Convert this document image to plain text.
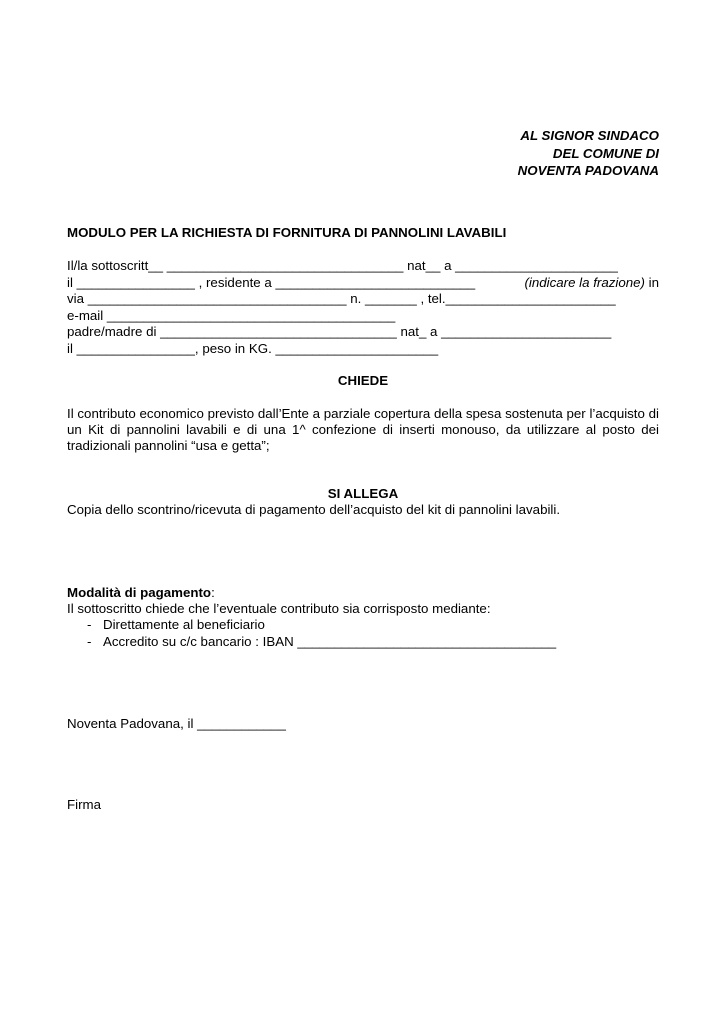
AL SIGNOR SINDACO
DEL COMUNE DI
NOVENTA PADOVANA
MODULO PER LA RICHIESTA DI FORNITURA DI PANNOLINI LAVABILI
Il/la sottoscritt__ ________________________________ nat__ a ______________________
il ________________ , residente a ___________________________	(indicare la frazione) in
via ___________________________________ n. _______ , tel._______________________
e-mail _______________________________________
padre/madre di ________________________________ nat_ a _______________________
il ________________, peso in KG. ______________________
CHIEDE
Il contributo economico previsto dall’Ente a parziale copertura della spesa sostenuta per l’acquisto di un Kit di pannolini lavabili e di una 1^ confezione di inserti monouso, da utilizzare al posto dei tradizionali pannolini “usa e getta”;
SI ALLEGA
Copia dello scontrino/ricevuta di pagamento dell’acquisto del kit di pannolini lavabili.
Modalità di pagamento:
Il sottoscritto chiede che l’eventuale contributo sia corrisposto mediante:
- Direttamente al beneficiario
- Accredito su c/c bancario : IBAN ___________________________________
Noventa Padovana, il ____________
Firma
